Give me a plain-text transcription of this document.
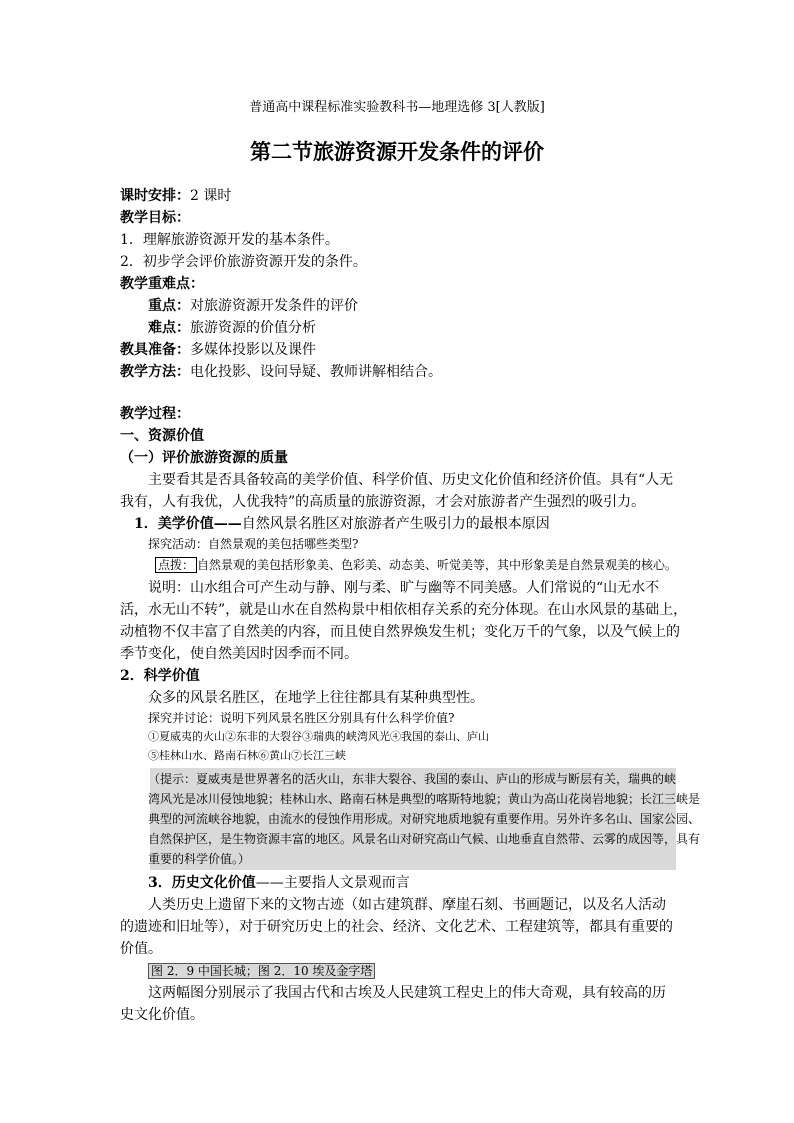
普通高中课程标准实验教科书—地理选修 3[人教版]
第二节旅游资源开发条件的评价
课时安排：2 课时
教学目标：
1．理解旅游资源开发的基本条件。
2．初步学会评价旅游资源开发的条件。
教学重难点：
重点：对旅游资源开发条件的评价
难点：旅游资源的价值分析
教具准备：多媒体投影以及课件
教学方法：电化投影、设问导疑、教师讲解相结合。
教学过程：
一、资源价值
（一）评价旅游资源的质量
主要看其是否具备较高的美学价值、科学价值、历史文化价值和经济价值。具有“人无
我有，人有我优，人优我特”的高质量的旅游资源，才会对旅游者产生强烈的吸引力。
1．美学价值——自然风景名胜区对旅游者产生吸引力的最根本原因
探究活动：自然景观的美包括哪些类型?
点拨： 自然景观的美包括形象美、色彩美、动态美、听觉美等，其中形象美是自然景观美的核心。
说明：山水组合可产生动与静、刚与柔、旷与幽等不同美感。人们常说的“山无水不
活，水无山不转”，就是山水在自然构景中相依相存关系的充分体现。在山水风景的基础上，
动植物不仅丰富了自然美的内容，而且使自然界焕发生机；变化万千的气象，以及气候上的
季节变化，使自然美因时因季而不同。
2．科学价值
众多的风景名胜区，在地学上往往都具有某种典型性。
探究并讨论：说明下列风景名胜区分别具有什么科学价值?
①夏威夷的火山②东非的大裂谷③瑞典的峡湾风光④我国的泰山、庐山
⑤桂林山水、路南石林⑥黄山⑦长江三峡
（提示：夏威夷是世界著名的活火山，东非大裂谷、我国的泰山、庐山的形成与断层有关，瑞典的峡
湾风光是冰川侵蚀地貌；桂林山水、路南石林是典型的喀斯特地貌；黄山为高山花岗岩地貌；长江三峡是
典型的河流峡谷地貌，由流水的侵蚀作用形成。对研究地质地貌有重要作用。另外许多名山、国家公园、
自然保护区，是生物资源丰富的地区。风景名山对研究高山气候、山地垂直自然带、云雾的成因等，具有
重要的科学价值。）
3．历史文化价值——主要指人文景观而言
人类历史上遗留下来的文物古迹（如古建筑群、摩崖石刻、书画题记，以及名人活动
的遗迹和旧址等），对于研究历史上的社会、经济、文化艺术、工程建筑等，都具有重要的
价值。
图 2．9 中国长城；图 2．10 埃及金字塔
这两幅图分别展示了我国古代和古埃及人民建筑工程史上的伟大奇观，具有较高的历
史文化价值。
